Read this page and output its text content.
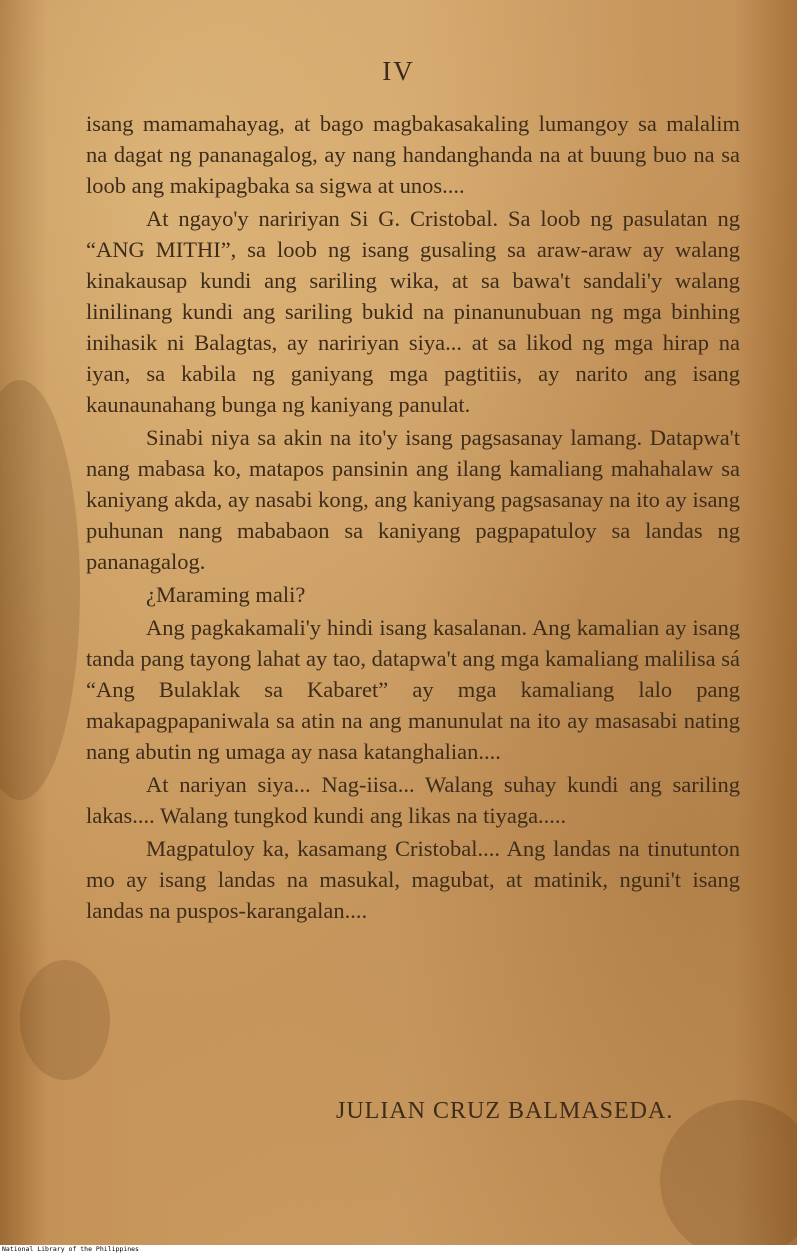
IV

isang mamamahayag, at bago magbakasakaling lumangoy sa malalim na dagat ng pananagalog, ay nang handanghanda na at buung buo na sa loob ang makipagbaka sa sigwa at unos....

At ngayo'y naririyan Si G. Cristobal. Sa loob ng pasulatan ng “ANG MITHI”, sa loob ng isang gusaling sa araw-araw ay walang kinakausap kundi ang sariling wika, at sa bawa't sandali'y walang linilinang kundi ang sariling bukid na pinanunubuan ng mga binhing inihasik ni Balagtas, ay naririyan siya... at sa likod ng mga hirap na iyan, sa kabila ng ganiyang mga pagtitiis, ay narito ang isang kaunaunahang bunga ng kaniyang panulat.

Sinabi niya sa akin na ito'y isang pagsasanay lamang. Datapwa't nang mabasa ko, matapos pansinin ang ilang kamaliang mahahalaw sa kaniyang akda, ay nasabi kong, ang kaniyang pagsasanay na ito ay isang puhunan nang mababaon sa kaniyang pagpapatuloy sa landas ng pananagalog.

¿Maraming mali?

Ang pagkakamali'y hindi isang kasalanan. Ang kamalian ay isang tanda pang tayong lahat ay tao, datapwa't ang mga kamaliang malilisa sá “Ang Bulaklak sa Kabaret” ay mga kamaliang lalo pang makapagpapaniwala sa atin na ang manunulat na ito ay masasabi nating nang abutin ng umaga ay nasa katanghalian....

At nariyan siya... Nag-iisa... Walang suhay kundi ang sariling lakas.... Walang tungkod kundi ang likas na tiyaga.....

Magpatuloy ka, kasamang Cristobal.... Ang landas na tinutunton mo ay isang landas na masukal, magubat, at matinik, nguni't isang landas na puspos-karangalan....

JULIAN CRUZ BALMASEDA.
National Library of the Philippines
